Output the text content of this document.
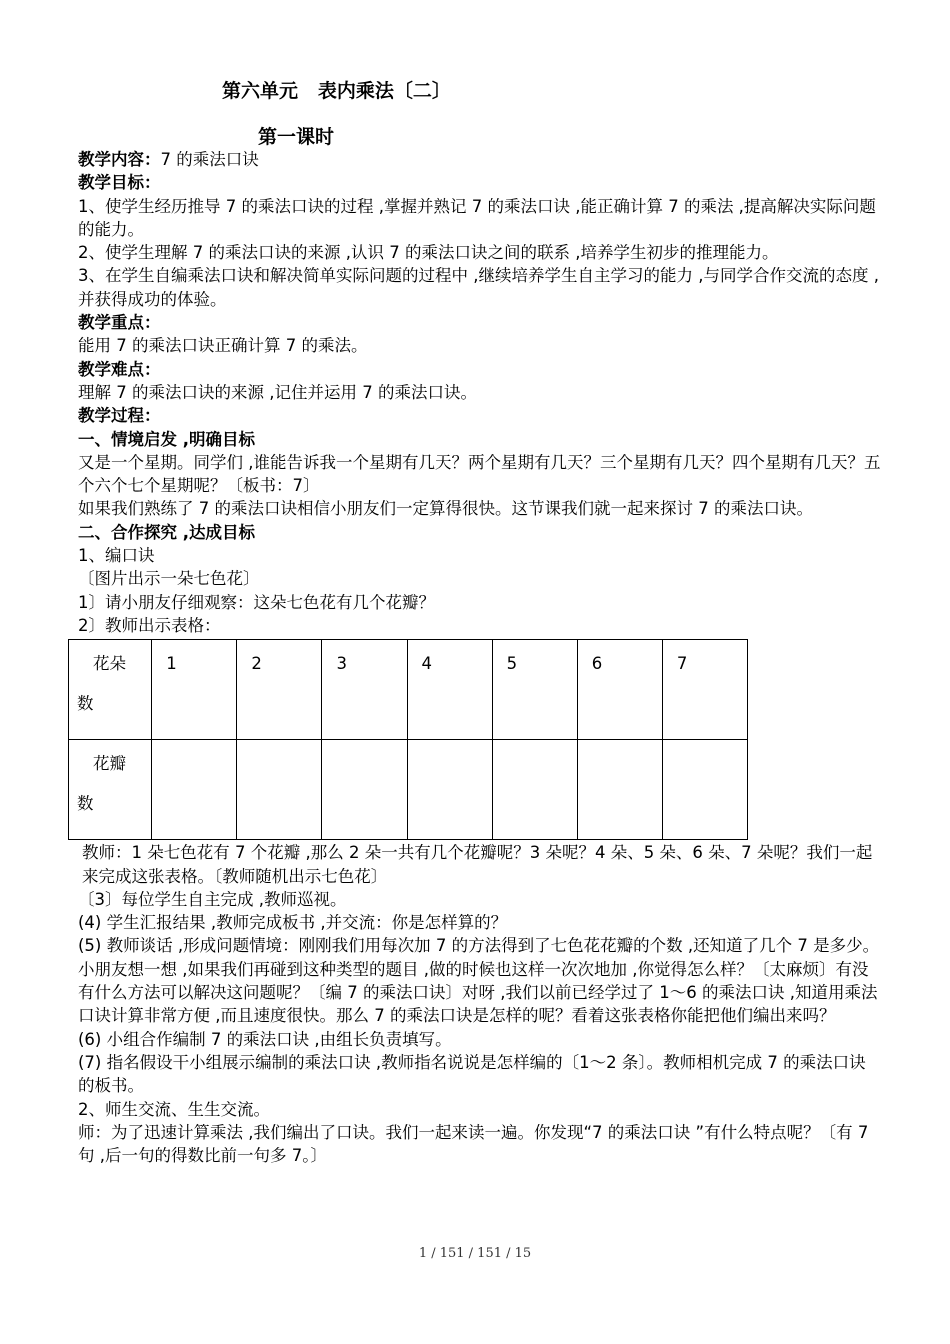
第六单元   表内乘法〔二〕
第一课时

教学内容：7 的乘法口诀

教学目标：

1、使学生经历推导 7 的乘法口诀的过程 ,掌握并熟记 7 的乘法口诀 ,能正确计算 7 的乘法 ,提高解决实际问题的能力。

2、使学生理解 7 的乘法口诀的来源 ,认识 7 的乘法口诀之间的联系 ,培养学生初步的推理能力。

3、在学生自编乘法口诀和解决简单实际问题的过程中 ,继续培养学生自主学习的能力 ,与同学合作交流的态度 ,并获得成功的体验。

教学重点：

能用 7 的乘法口诀正确计算 7 的乘法。

教学难点：

理解 7 的乘法口诀的来源 ,记住并运用 7 的乘法口诀。

教学过程：

一、情境启发 ,明确目标

又是一个星期。同学们 ,谁能告诉我一个星期有几天？两个星期有几天？三个星期有几天？四个星期有几天？五个六个七个星期呢？〔板书：7〕

如果我们熟练了 7 的乘法口诀相信小朋友们一定算得很快。这节课我们就一起来探讨 7 的乘法口诀。

二、合作探究 ,达成目标

1、编口诀

〔图片出示一朵七色花〕

1〕请小朋友仔细观察：这朵七色花有几个花瓣？

2〕教师出示表格：

花朵
数	1	2	3	4	5	6	7
花瓣
数							

教师：1 朵七色花有 7 个花瓣 ,那么 2 朵一共有几个花瓣呢？3 朵呢？4 朵、5 朵、6 朵、7 朵呢？我们一起来完成这张表格。〔教师随机出示七色花〕

〔3〕每位学生自主完成 ,教师巡视。

(4) 学生汇报结果 ,教师完成板书 ,并交流：你是怎样算的？

(5) 教师谈话 ,形成问题情境：刚刚我们用每次加 7 的方法得到了七色花花瓣的个数 ,还知道了几个 7 是多少。小朋友想一想 ,如果我们再碰到这种类型的题目 ,做的时候也这样一次次地加 ,你觉得怎么样？〔太麻烦〕有没有什么方法可以解决这问题呢？〔编 7 的乘法口诀〕对呀 ,我们以前已经学过了 1～6 的乘法口诀 ,知道用乘法口诀计算非常方便 ,而且速度很快。那么 7 的乘法口诀是怎样的呢？看着这张表格你能把他们编出来吗？

(6) 小组合作编制 7 的乘法口诀 ,由组长负责填写。

(7) 指名假设干小组展示编制的乘法口诀 ,教师指名说说是怎样编的〔1～2 条〕。教师相机完成 7 的乘法口诀的板书。

2、师生交流、生生交流。

师：为了迅速计算乘法 ,我们编出了口诀。我们一起来读一遍。你发现“7 的乘法口诀 ”有什么特点呢？〔有 7 句 ,后一句的得数比前一句多 7。〕

1 / 151 / 151 / 15
